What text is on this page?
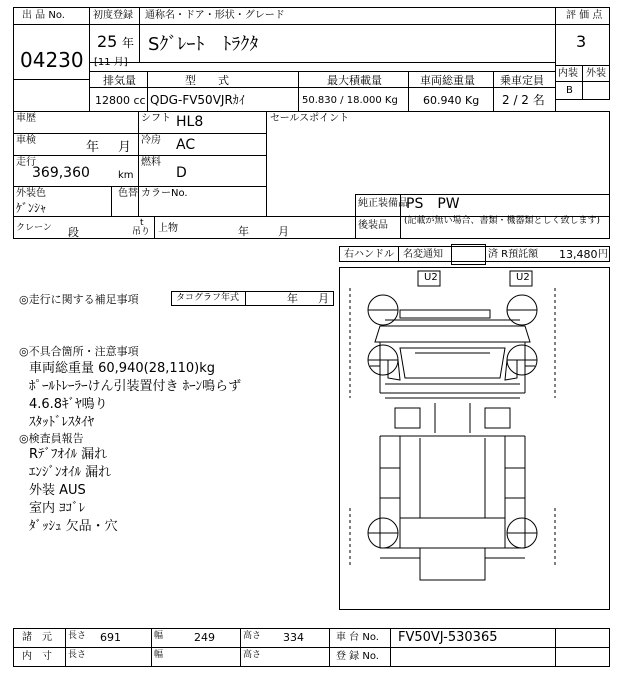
出 品 No.
04230
初度登録
25 年
[11 月]
通称名・ドア・形状・グレード
Sｸﾞﾚｰﾄ　ﾄﾗｸﾀ
評 価 点
3
内装 外装
B
排気量
12800 cc
型　　式
QDG-FV50VJRｶｲ
最大積載量
50.830 / 18.000 Kg
車両総重量
60.940 Kg
乗車定員
2 / 2 名
車歴
車検	年 月
走行
369,360	km
シフト HL8
冷房 AC
燃料
D
外装色
ｹﾞﾝｼｬ
色替 カラーNo.
セールスポイント
純正装備品
PS　PW
後装品 (記載が無い場合、書類・機器類としく致します)
クレーン 段
t
吊り 上物	年	月
右ハンドル 名変通知	済 R預託額 13,480 円
◎走行に関する補足事項	タコグラフ年式	年 月
◎不具合箇所・注意事項
車両総重量 60,940(28,110)kg
ﾎﾟｰﾙﾄﾚｰﾗｰけん引装置付き ﾎｰﾝ鳴らず
4.6.8ｷﾞﾔ鳴り
ｽﾀｯﾄﾞﾚｽﾀｲﾔ
◎検査員報告
Rﾃﾞﾌｵｲﾙ 漏れ
ｴﾝｼﾞﾝｵｲﾙ 漏れ
外装 AUS
室内 ﾖｺﾞﾚ
ﾀﾞｯｼｭ 欠品・穴
U2	U2
諸　元 長さ 691	幅	249	高さ 334	車 台 No. FV50VJ-530365
内　寸 長さ	幅	高さ	登 録 No.
